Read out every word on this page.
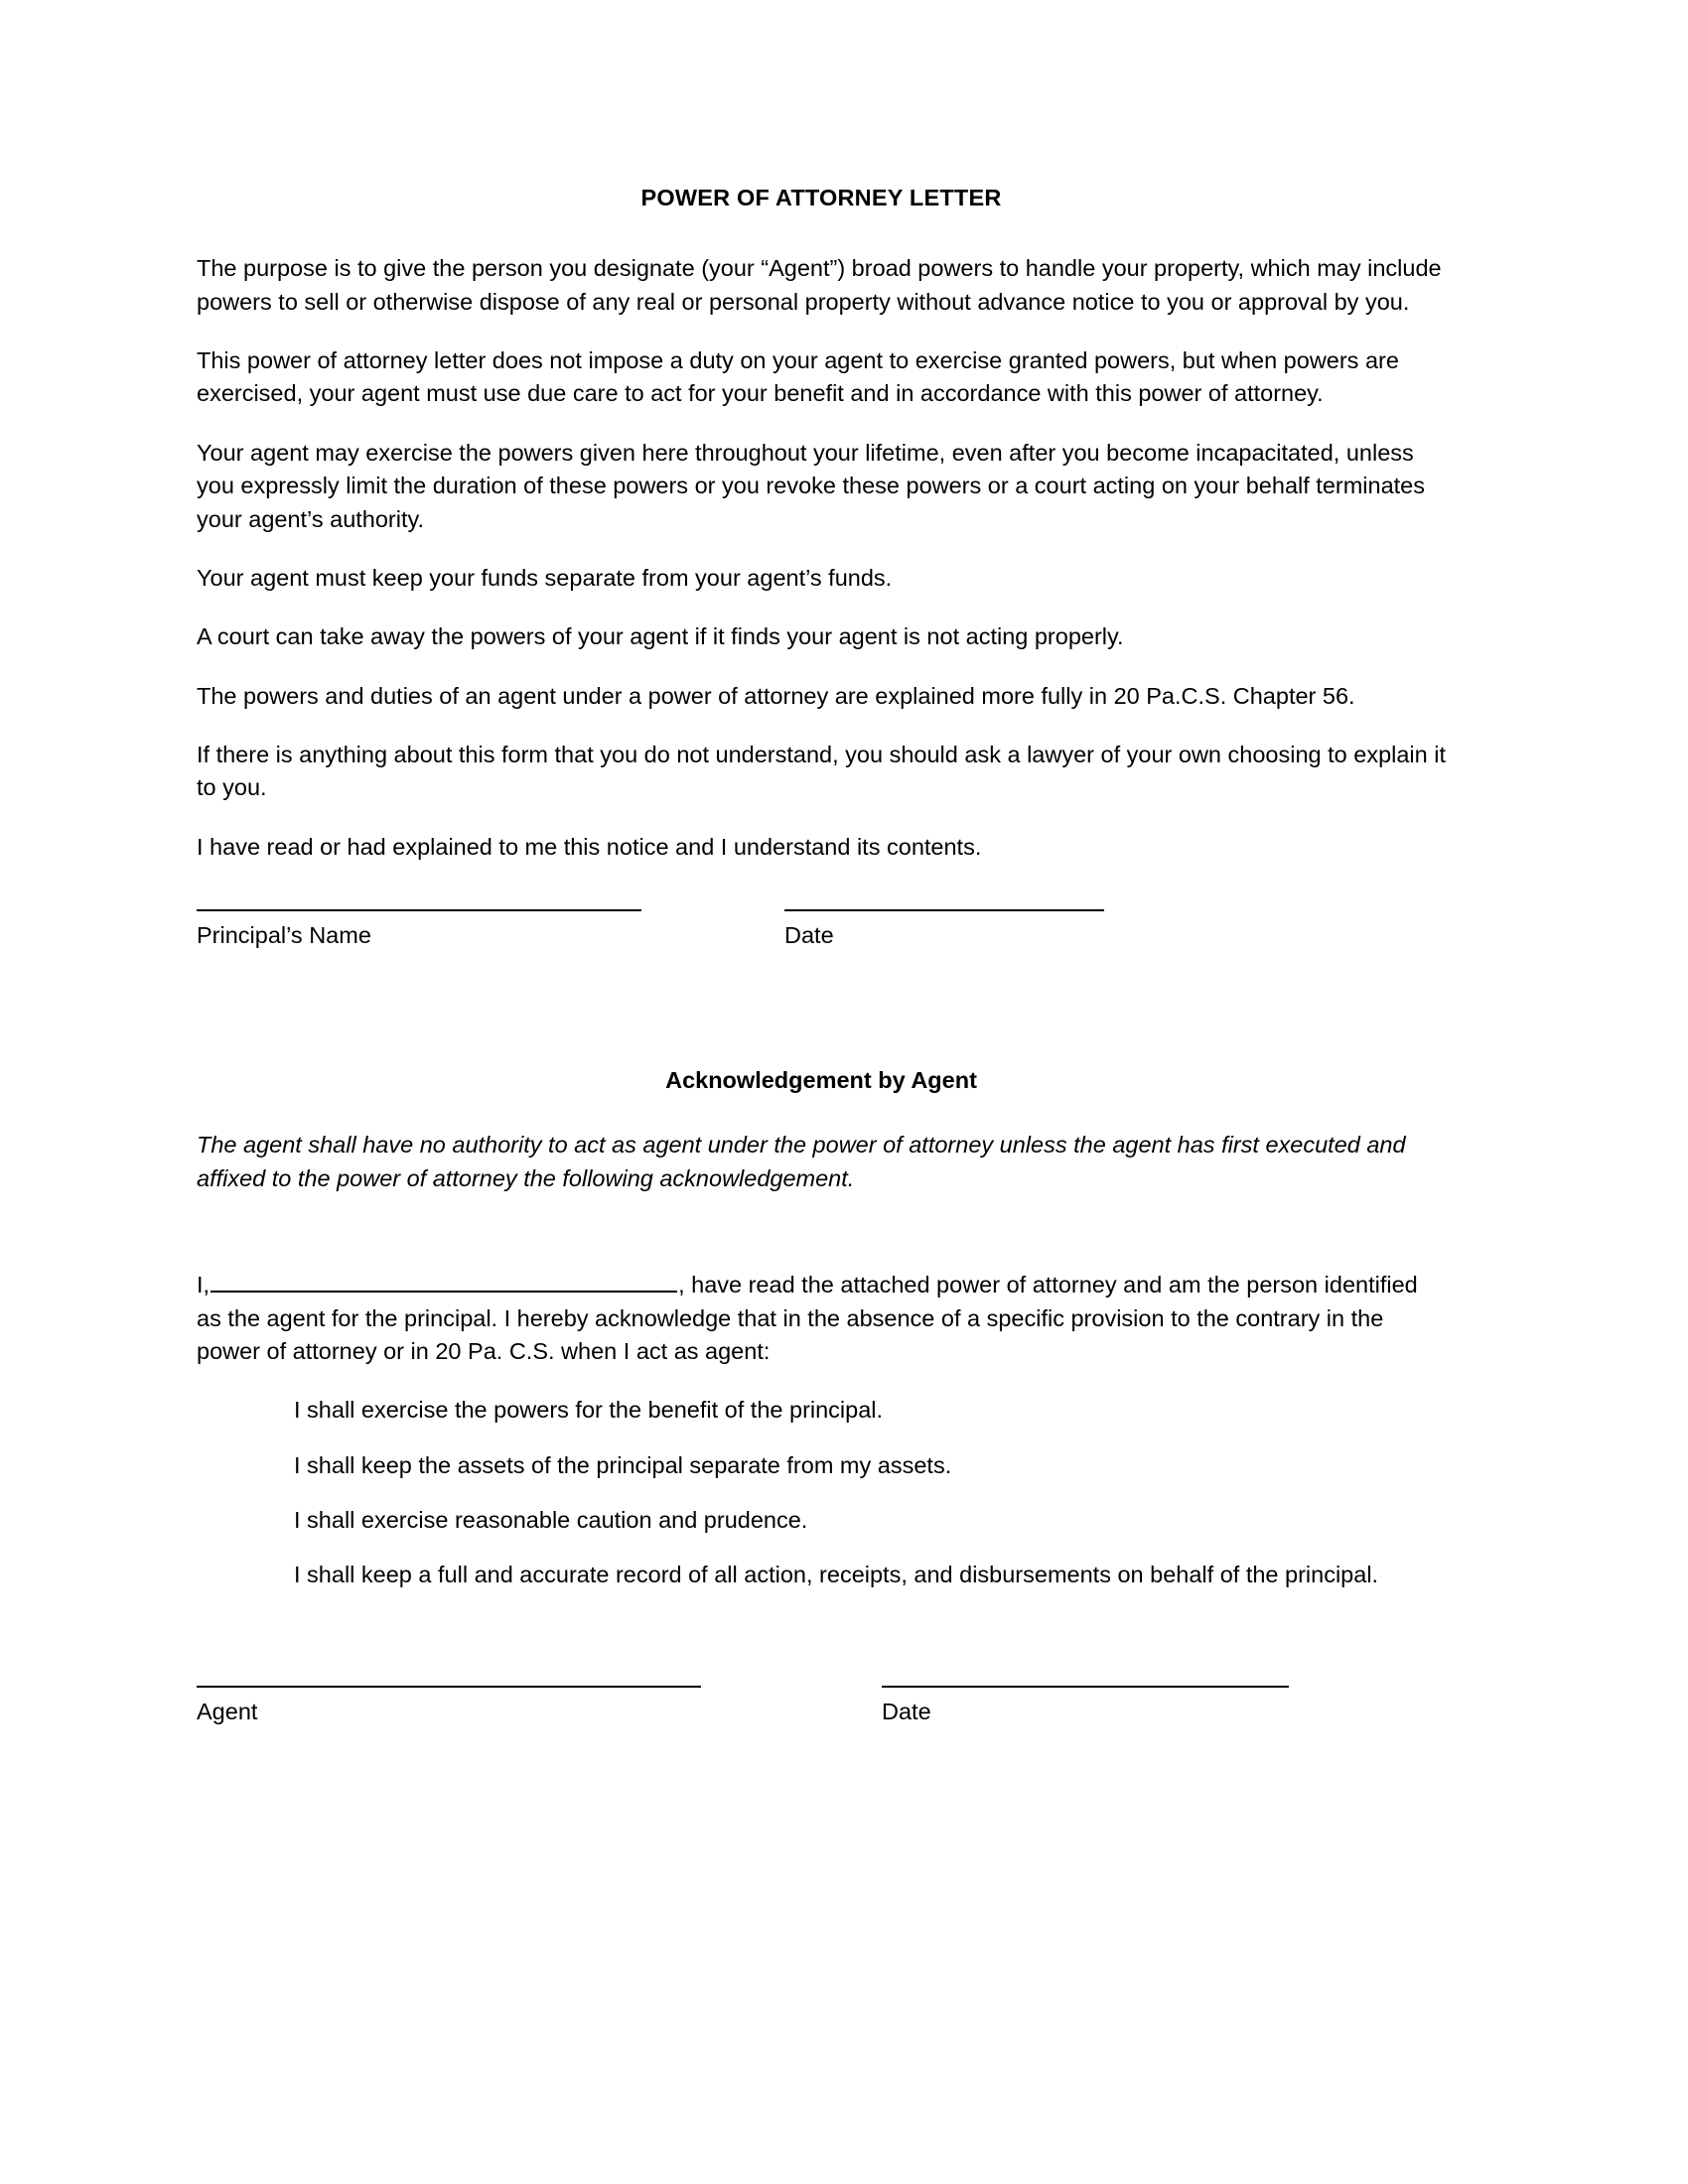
POWER OF ATTORNEY LETTER

The purpose is to give the person you designate (your “Agent”) broad powers to handle your property, which may include powers to sell or otherwise dispose of any real or personal property without advance notice to you or approval by you.

This power of attorney letter does not impose a duty on your agent to exercise granted powers, but when powers are exercised, your agent must use due care to act for your benefit and in accordance with this power of attorney.

Your agent may exercise the powers given here throughout your lifetime, even after you become incapacitated, unless you expressly limit the duration of these powers or you revoke these powers or a court acting on your behalf terminates your agent’s authority.

Your agent must keep your funds separate from your agent’s funds.

A court can take away the powers of your agent if it finds your agent is not acting properly.

The powers and duties of an agent under a power of attorney are explained more fully in 20 Pa.C.S. Chapter 56.

If there is anything about this form that you do not understand, you should ask a lawyer of your own choosing to explain it to you.

I have read or had explained to me this notice and I understand its contents.

Principal’s Name	Date
Acknowledgement by Agent

The agent shall have no authority to act as agent under the power of attorney unless the agent has first executed and affixed to the power of attorney the following acknowledgement.

I,	, have read the attached power of attorney and am the person identified as the agent for the principal. I hereby acknowledge that in the absence of a specific provision to the contrary in the power of attorney or in 20 Pa. C.S. when I act as agent:

I shall exercise the powers for the benefit of the principal.
I shall keep the assets of the principal separate from my assets.
I shall exercise reasonable caution and prudence.
I shall keep a full and accurate record of all action, receipts, and disbursements on behalf of the principal.
Agent	Date
